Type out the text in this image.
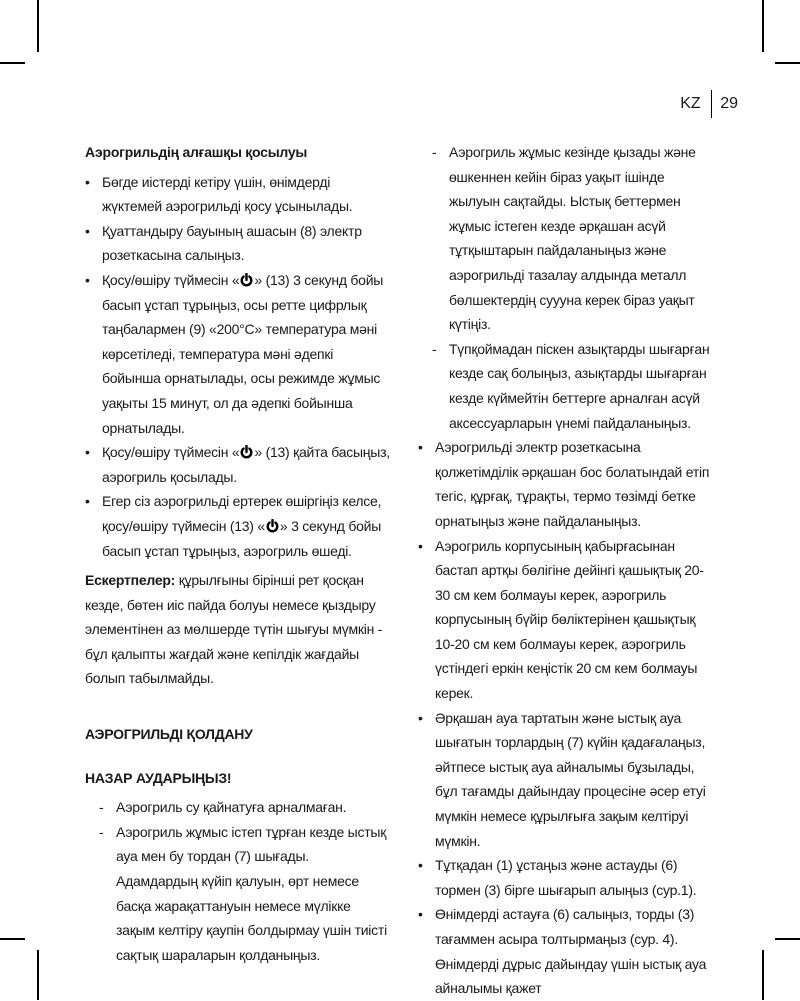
KZ 29

Аэрогрильдің алғашқы қосылуы

• Бөгде иістерді кетіру үшін, өнімдерді жүктемей аэрогрильді қосу ұсынылады.
• Қуаттандыру бауының ашасын (8) электр розеткасына салыңыз.
• Қосу/өшіру түймесін « » (13) 3 секунд бойы басып ұстап тұрыңыз, осы ретте цифрлық таңбалармен (9) «200°C» температура мәні көрсетіледі, температура мәні әдепкі бойынша орнатылады, осы режимде жұмыс уақыты 15 минут, ол да әдепкі бойынша орнатылады.
• Қосу/өшіру түймесін « » (13) қайта басыңыз, аэрогриль қосылады.
• Егер сіз аэрогрильді ертерек өшіргіңіз келсе, қосу/өшіру түймесін (13) « » 3 секунд бойы басып ұстап тұрыңыз, аэрогриль өшеді.

Ескертпелер: құрылғыны бірінші рет қосқан кезде, бөтен иіс пайда болуы немесе қыздыру элементінен аз мөлшерде түтін шығуы мүмкін - бұл қалыпты жағдай және кепілдік жағдайы болып табылмайды.

АЭРОГРИЛЬДІ ҚОЛДАНУ

НАЗАР АУДАРЫҢЫЗ!

- Аэрогриль су қайнатуға арналмаған.
- Аэрогриль жұмыс істеп тұрған кезде ыстық ауа мен бу тордан (7) шығады. Адамдардың күйіп қалуын, өрт немесе басқа жарақаттануын немесе мүлікке зақым келтіру қаупін болдырмау үшін тиісті сақтық шараларын қолданыңыз.
- Аэрогриль жұмыс кезінде қызады және өшкеннен кейін біраз уақыт ішінде жылуын сақтайды. Ыстық беттермен жұмыс істеген кезде әрқашан асүй тұтқыштарын пайдаланыңыз және аэрогрильді тазалау алдында металл бөлшектердің суууна керек біраз уақыт күтіңіз.
- Түпқоймадан піскен азықтарды шығарған кезде сақ болыңыз, азықтарды шығарған кезде күймейтін беттерге арналған асүй аксессуарларын үнемі пайдаланыңыз.
• Аэрогрильді электр розеткасына қолжетімділік әрқашан бос болатындай етіп тегіс, құрғақ, тұрақты, термо төзімді бетке орнатыңыз және пайдаланыңыз.
• Аэрогриль корпусының қабырғасынан бастап артқы бөлігіне дейінгі қашықтық 20-30 см кем болмауы керек, аэрогриль корпусының бүйір бөліктерінен қашықтық 10-20 см кем болмауы керек, аэрогриль үстіндегі еркін кеңістік 20 см кем болмауы керек.
• Әрқашан ауа тартатын және ыстық ауа шығатын торлардың (7) күйін қадағалаңыз, әйтпесе ыстық ауа айналымы бұзылады, бұл тағамды дайындау процесіне әсер етуі мүмкін немесе құрылғыға зақым келтіруі мүмкін.
• Тұтқадан (1) ұстаңыз және астауды (6) тормен (3) бірге шығарып алыңыз (сур.1).
• Өнімдерді астауға (6) салыңыз, торды (3) тағаммен асыра толтырмаңыз (сур. 4). Өнімдерді дұрыс дайындау үшін ыстық ауа айналымы қажет
